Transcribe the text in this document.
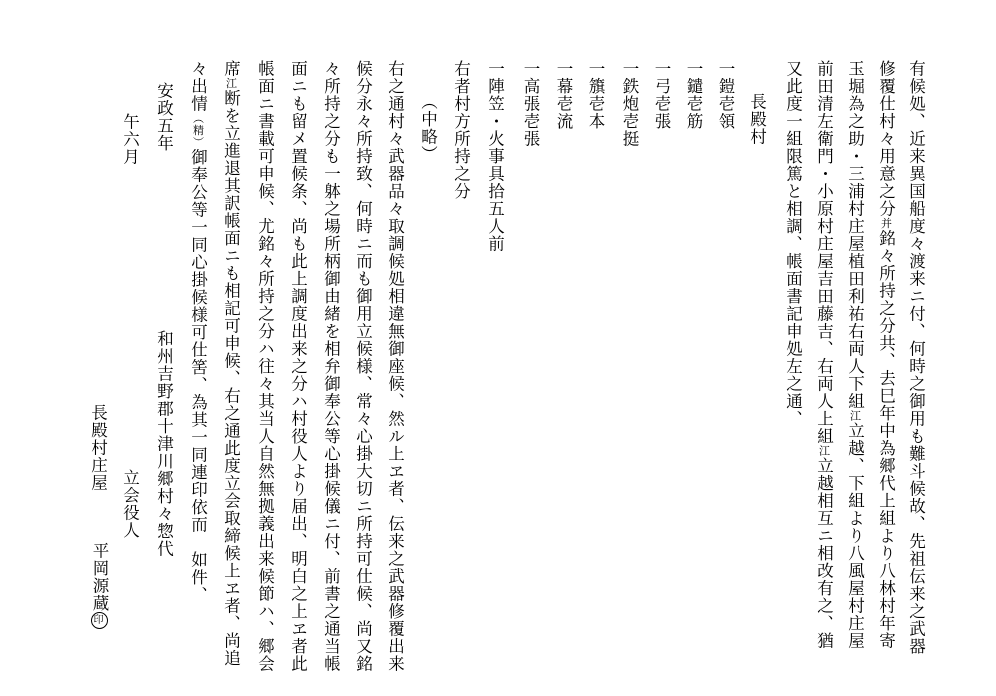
有候処、近来異国船度々渡来ニ付、何時之御用も難斗候故、先祖伝来之武器
修覆仕村々用意之分并銘々所持之分共、去巳年中為郷代上組より八林村年寄
玉堀為之助・三浦村庄屋植田利祐右両人下組江立越、下組より八風屋村庄屋
前田清左衛門・小原村庄屋吉田藤吉、右両人上組江立越相互ニ相改有之、猶
又此度一組限篤と相調、帳面書記申処左之通、
長殿村
一鎧壱領
一鑓壱筋
一弓壱張
一鉄炮壱挺
一籏壱本
一幕壱流
一高張壱張
一陣笠・火事具拾五人前
右者村方所持之分
（中略）
右之通村々武器品々取調候処相違無御座候、然ル上ヱ者、伝来之武器修覆出来
候分永々所持致、何時ニ而も御用立候様、常々心掛大切ニ所持可仕候、尚又銘
々所持之分も一躰之場所柄御由緒を相弁御奉公等心掛候儀ニ付、前書之通当帳
面ニも留メ置候条、尚も此上調度出来之分ハ村役人より届出、明白之上ヱ者此
帳面ニ書載可申候、尤銘々所持之分ハ往々其当人自然無拠義出来候節ハ、郷会
席江断を立進退其訳帳面ニも相記可申候、右之通此度立会取締候上ヱ者、尚追
々出情（精）御奉公等一同心掛候様可仕筈、為其一同連印依而　如件、
安政五年
午六月
和州吉野郡十津川郷村々惣代
立会役人
長殿村庄屋
平岡源蔵印
